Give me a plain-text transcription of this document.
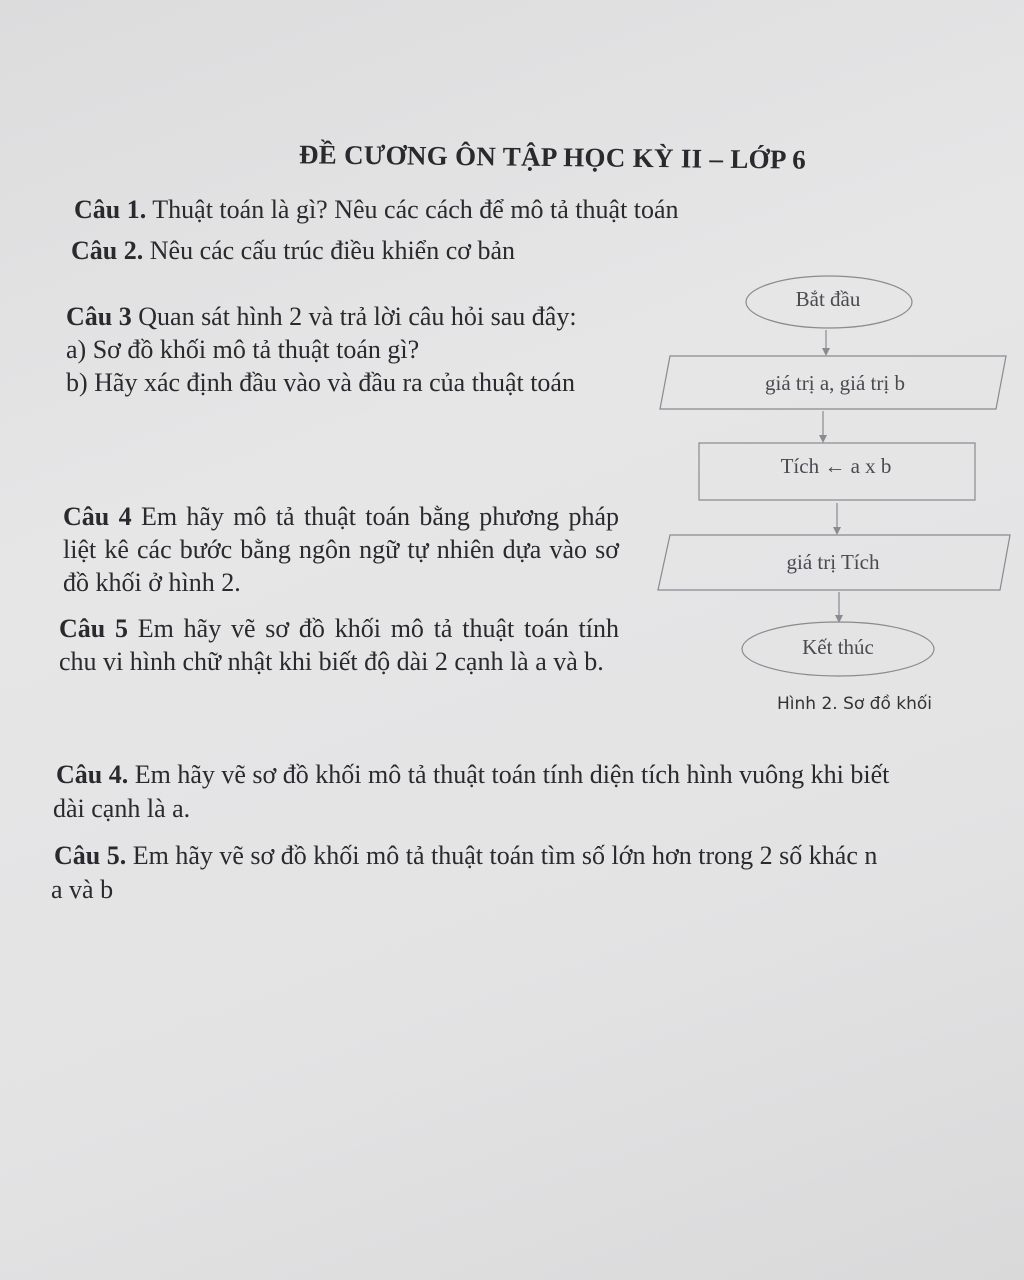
ĐỀ CƯƠNG ÔN TẬP HỌC KỲ II – LỚP 6
Câu 1. Thuật toán là gì? Nêu các cách để mô tả thuật toán
Câu 2. Nêu các cấu trúc điều khiển cơ bản
Câu 3 Quan sát hình 2 và trả lời câu hỏi sau đây:
a) Sơ đồ khối mô tả thuật toán gì?
b) Hãy xác định đầu vào và đầu ra của thuật toán
Câu 4 Em hãy mô tả thuật toán bằng phương pháp liệt kê các bước bằng ngôn ngữ tự nhiên dựa vào sơ đồ khối ở hình 2.
Câu 5 Em hãy vẽ sơ đồ khối mô tả thuật toán tính chu vi hình chữ nhật khi biết độ dài 2 cạnh là a và b.
Câu 4. Em hãy vẽ sơ đồ khối mô tả thuật toán tính diện tích hình vuông khi biết
dài cạnh là a.
Câu 5. Em hãy vẽ sơ đồ khối mô tả thuật toán tìm số lớn hơn trong 2 số khác n
a và b
Bắt đầu
giá trị a, giá trị b
Tích ← a x b
giá trị Tích
Kết thúc
Hình 2. Sơ đồ khối
